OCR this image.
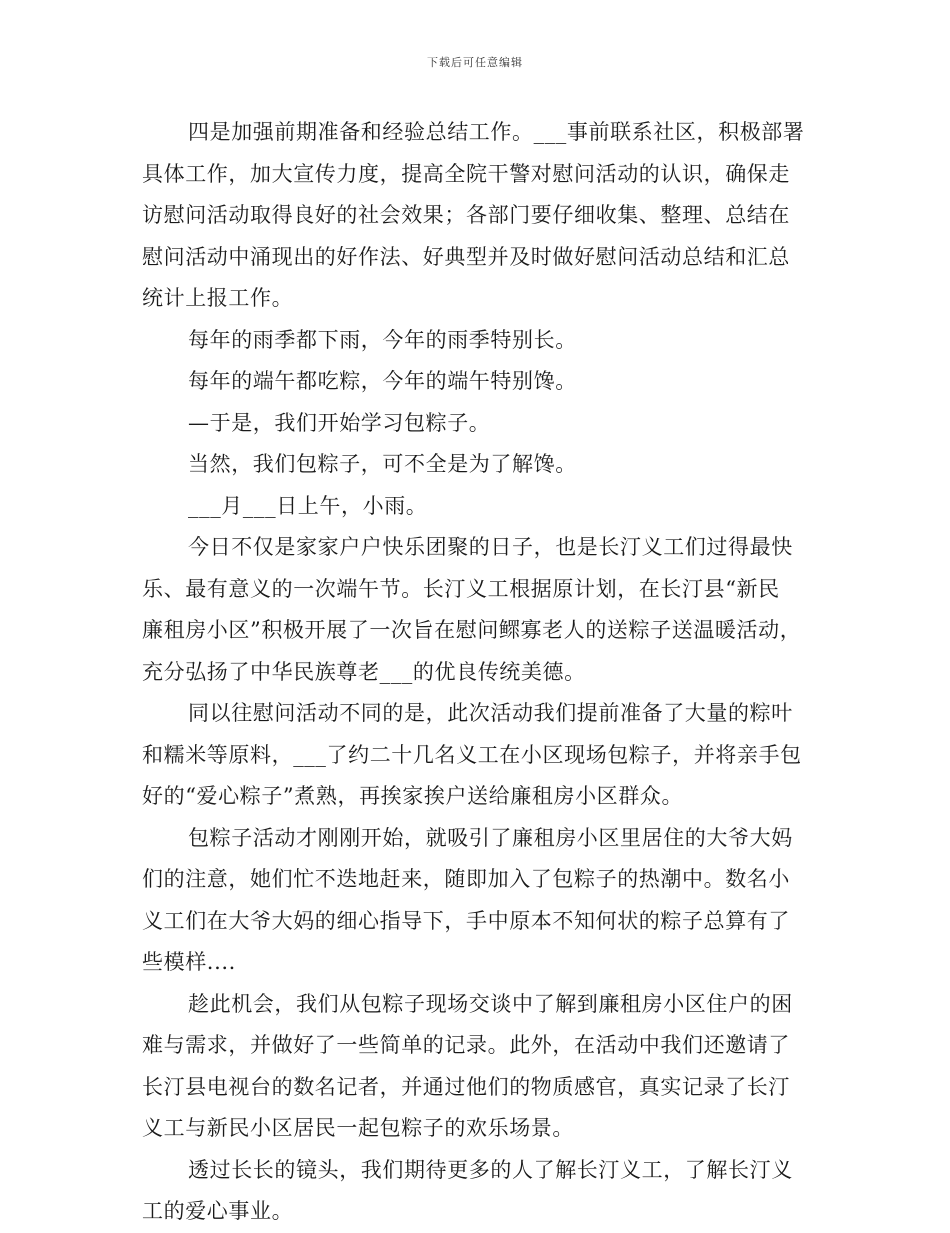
下载后可任意编辑
四是加强前期准备和经验总结工作。___事前联系社区，积极部署
具体工作，加大宣传力度，提高全院干警对慰问活动的认识，确保走
访慰问活动取得良好的社会效果；各部门要仔细收集、整理、总结在
慰问活动中涌现出的好作法、好典型并及时做好慰问活动总结和汇总
统计上报工作。
每年的雨季都下雨，今年的雨季特别长。
每年的端午都吃粽，今年的端午特别馋。
—于是，我们开始学习包粽子。
当然，我们包粽子，可不全是为了解馋。
___月___日上午，小雨。
今日不仅是家家户户快乐团聚的日子，也是长汀义工们过得最快
乐、最有意义的一次端午节。长汀义工根据原计划，在长汀县“新民
廉租房小区”积极开展了一次旨在慰问鳏寡老人的送粽子送温暖活动，
充分弘扬了中华民族尊老___的优良传统美德。
同以往慰问活动不同的是，此次活动我们提前准备了大量的粽叶
和糯米等原料，___了约二十几名义工在小区现场包粽子，并将亲手包
好的“爱心粽子”煮熟，再挨家挨户送给廉租房小区群众。
包粽子活动才刚刚开始，就吸引了廉租房小区里居住的大爷大妈
们的注意，她们忙不迭地赶来，随即加入了包粽子的热潮中。数名小
义工们在大爷大妈的细心指导下，手中原本不知何状的粽子总算有了
些模样....
趁此机会，我们从包粽子现场交谈中了解到廉租房小区住户的困
难与需求，并做好了一些简单的记录。此外，在活动中我们还邀请了
长汀县电视台的数名记者，并通过他们的物质感官，真实记录了长汀
义工与新民小区居民一起包粽子的欢乐场景。
透过长长的镜头，我们期待更多的人了解长汀义工，了解长汀义
工的爱心事业。
